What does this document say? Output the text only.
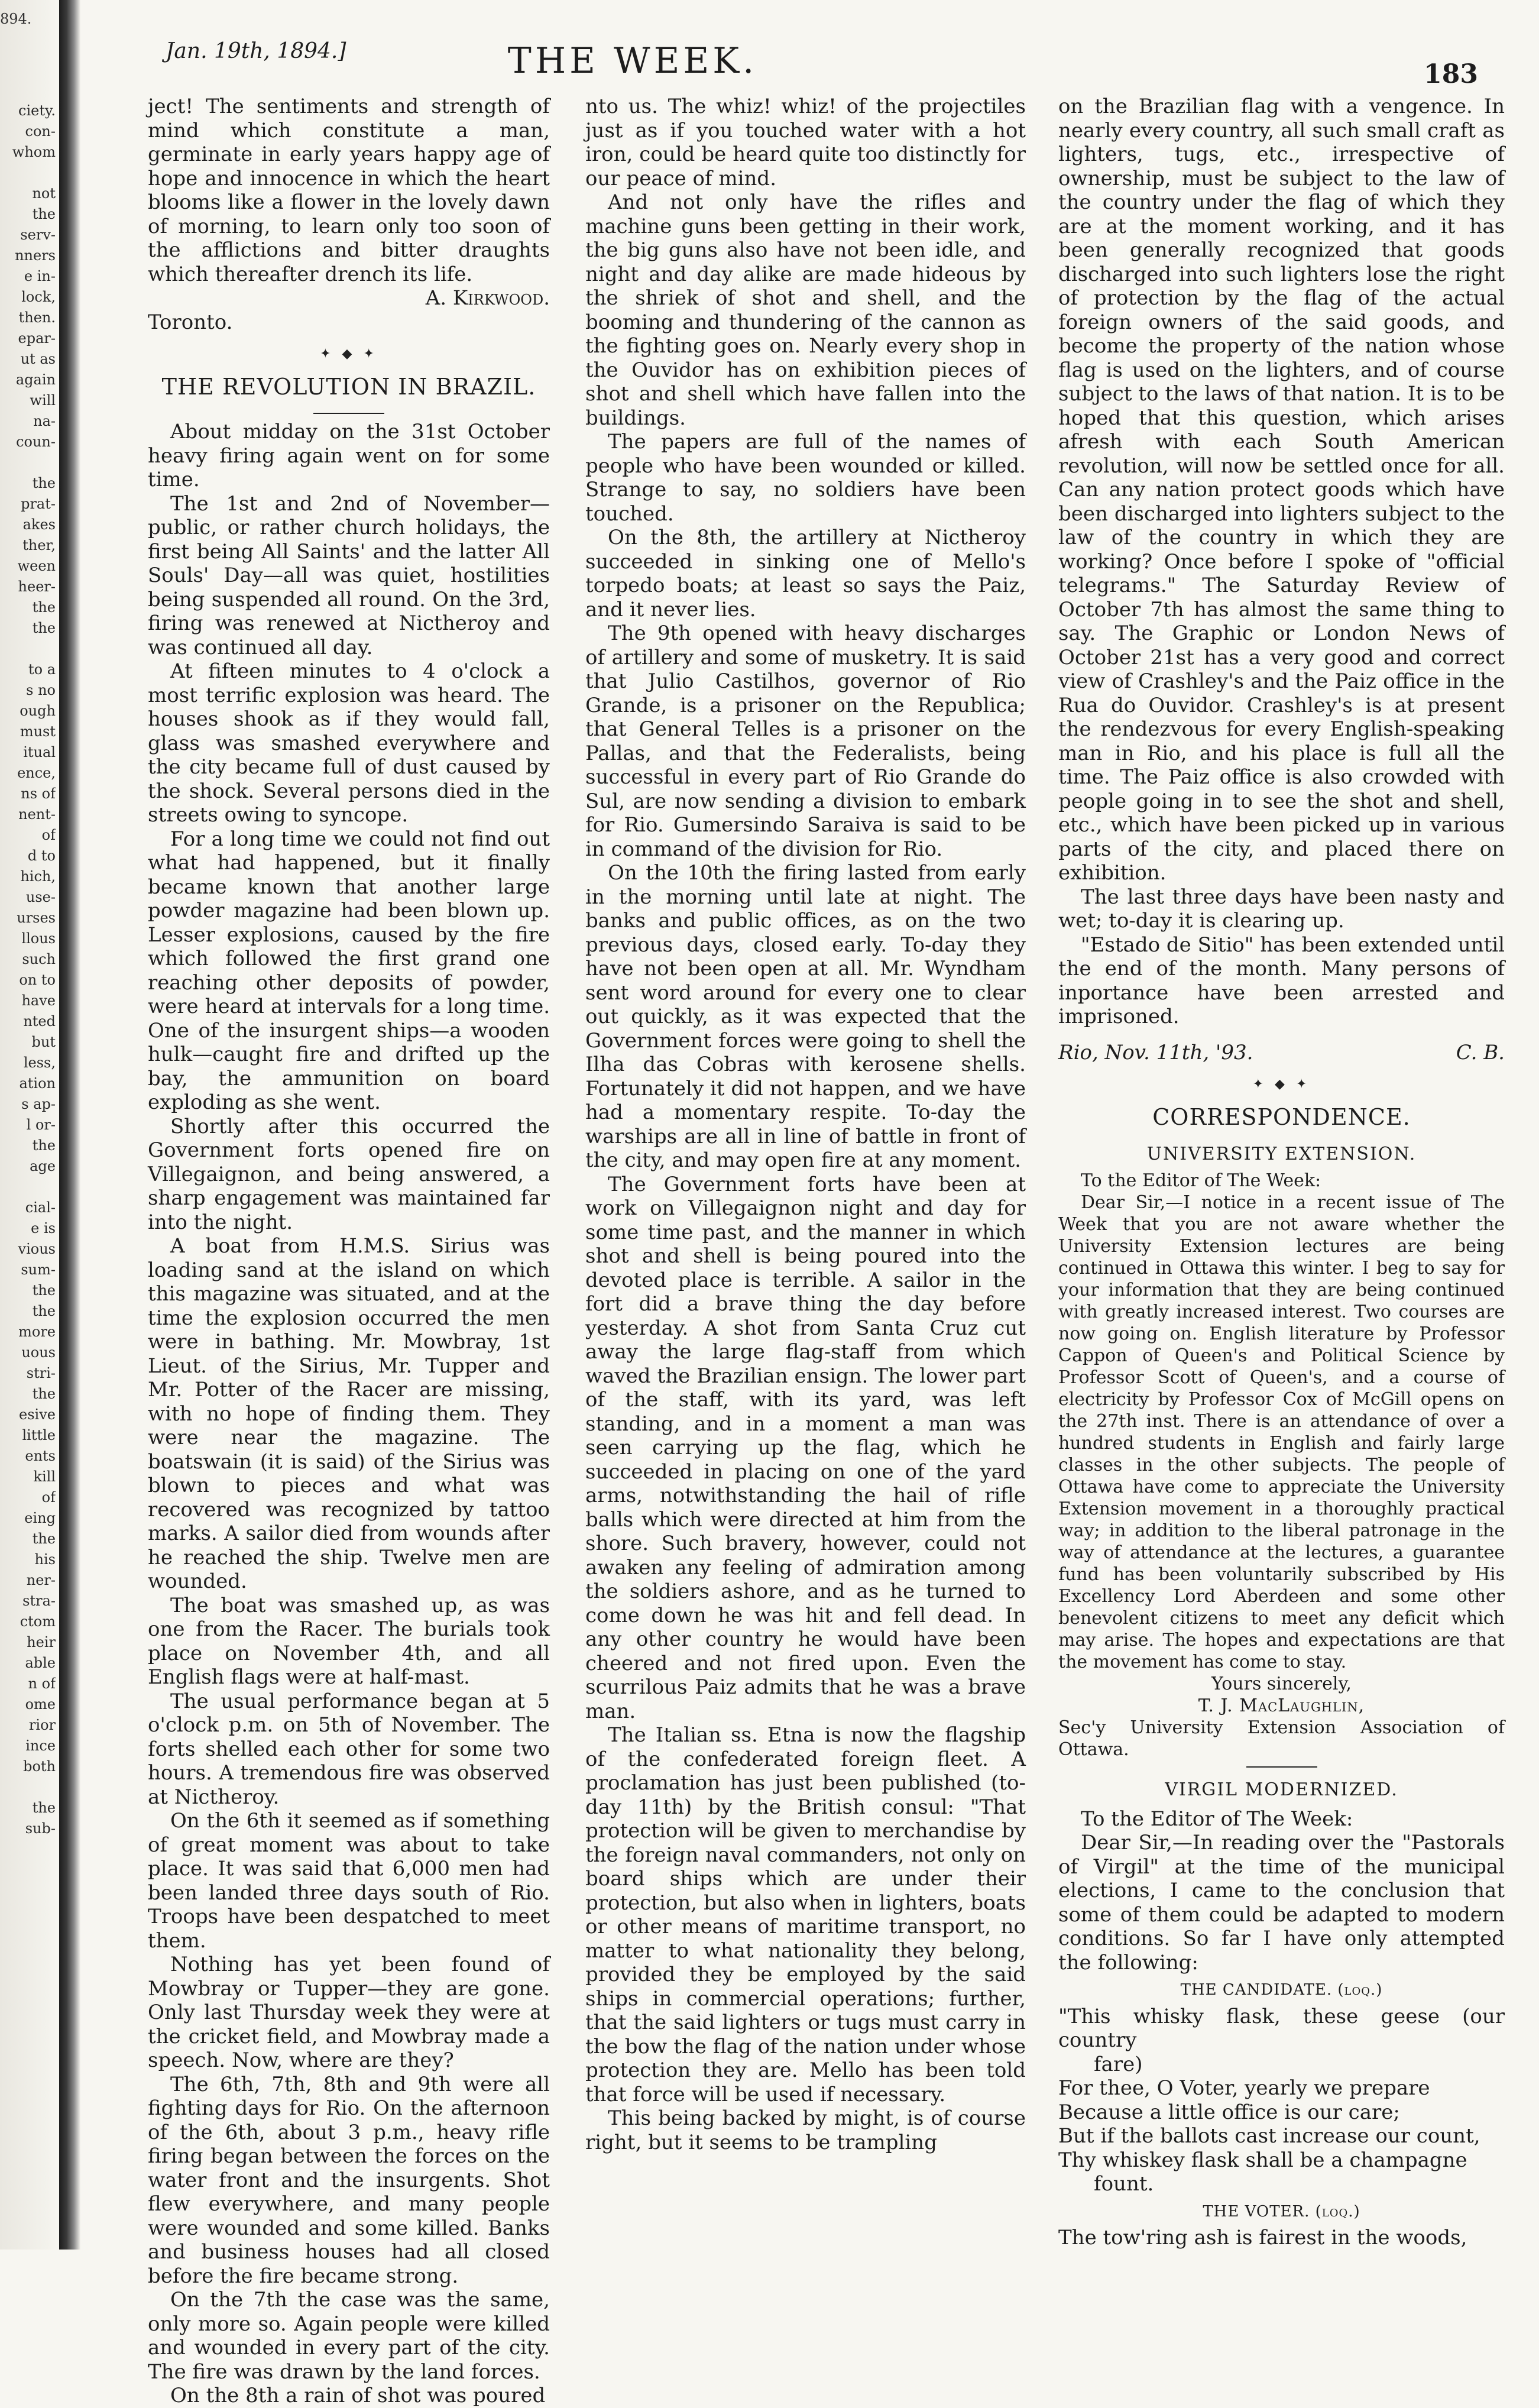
894.
ciety.
con-
whom
not
the
serv-
nners
e in-
lock,
then.
epar-
ut as
again
will
na-
coun-
the
prat-
akes
ther,
ween
heer-
the
the
to a
s no
ough
must
itual
ence,
ns of
nent-
of
d to
hich,
use-
urses
llous
such
on to
have
nted
but
less,
ation
s ap-
l or-
the
age
cial-
e is
vious
sum-
the
the
more
uous
stri-
the
esive
little
ents
kill
of
eing
the
his
ner-
stra-
ctom
heir
able
n of
ome
rior
ince
both
the
sub-
Jan. 19th, 1894.]	THE WEEK.	183

ject! The sentiments and strength of mind which constitute a man, germinate in early years happy age of hope and innocence in which the heart blooms like a flower in the lovely dawn of morning, to learn only too soon of the afflictions and bitter draughts which thereafter drench its life.

A. Kirkwood.

Toronto.

✦ ◆ ✦
THE REVOLUTION IN BRAZIL.

About midday on the 31st October heavy firing again went on for some time.

The 1st and 2nd of November—public, or rather church holidays, the first being All Saints' and the latter All Souls' Day—all was quiet, hostilities being suspended all round. On the 3rd, firing was renewed at Nictheroy and was continued all day.

At fifteen minutes to 4 o'clock a most terrific explosion was heard. The houses shook as if they would fall, glass was smashed everywhere and the city became full of dust caused by the shock. Several persons died in the streets owing to syncope.

For a long time we could not find out what had happened, but it finally became known that another large powder magazine had been blown up. Lesser explosions, caused by the fire which followed the first grand one reaching other deposits of powder, were heard at intervals for a long time. One of the insurgent ships—a wooden hulk—caught fire and drifted up the bay, the ammunition on board exploding as she went.

Shortly after this occurred the Government forts opened fire on Villegaignon, and being answered, a sharp engagement was maintained far into the night.

A boat from H.M.S. Sirius was loading sand at the island on which this magazine was situated, and at the time the explosion occurred the men were in bathing. Mr. Mowbray, 1st Lieut. of the Sirius, Mr. Tupper and Mr. Potter of the Racer are missing, with no hope of finding them. They were near the magazine. The boatswain (it is said) of the Sirius was blown to pieces and what was recovered was recognized by tattoo marks. A sailor died from wounds after he reached the ship. Twelve men are wounded.

The boat was smashed up, as was one from the Racer. The burials took place on November 4th, and all English flags were at half-mast.

The usual performance began at 5 o'clock p.m. on 5th of November. The forts shelled each other for some two hours. A tremendous fire was observed at Nictheroy.

On the 6th it seemed as if something of great moment was about to take place. It was said that 6,000 men had been landed three days south of Rio. Troops have been despatched to meet them.

Nothing has yet been found of Mowbray or Tupper—they are gone. Only last Thursday week they were at the cricket field, and Mowbray made a speech. Now, where are they?

The 6th, 7th, 8th and 9th were all fighting days for Rio. On the afternoon of the 6th, about 3 p.m., heavy rifle firing began between the forces on the water front and the insurgents. Shot flew everywhere, and many people were wounded and some killed. Banks and business houses had all closed before the fire became strong.

On the 7th the case was the same, only more so. Again people were killed and wounded in every part of the city. The fire was drawn by the land forces.

On the 8th a rain of shot was poured

nto us. The whiz! whiz! of the projectiles just as if you touched water with a hot iron, could be heard quite too distinctly for our peace of mind.

And not only have the rifles and machine guns been getting in their work, the big guns also have not been idle, and night and day alike are made hideous by the shriek of shot and shell, and the booming and thundering of the cannon as the fighting goes on. Nearly every shop in the Ouvidor has on exhibition pieces of shot and shell which have fallen into the buildings.

The papers are full of the names of people who have been wounded or killed. Strange to say, no soldiers have been touched.

On the 8th, the artillery at Nictheroy succeeded in sinking one of Mello's torpedo boats; at least so says the Paiz, and it never lies.

The 9th opened with heavy discharges of artillery and some of musketry. It is said that Julio Castilhos, governor of Rio Grande, is a prisoner on the Republica; that General Telles is a prisoner on the Pallas, and that the Federalists, being successful in every part of Rio Grande do Sul, are now sending a division to embark for Rio. Gumersindo Saraiva is said to be in command of the division for Rio.

On the 10th the firing lasted from early in the morning until late at night. The banks and public offices, as on the two previous days, closed early. To-day they have not been open at all. Mr. Wyndham sent word around for every one to clear out quickly, as it was expected that the Government forces were going to shell the Ilha das Cobras with kerosene shells. Fortunately it did not happen, and we have had a momentary respite. To-day the warships are all in line of battle in front of the city, and may open fire at any moment.

The Government forts have been at work on Villegaignon night and day for some time past, and the manner in which shot and shell is being poured into the devoted place is terrible. A sailor in the fort did a brave thing the day before yesterday. A shot from Santa Cruz cut away the large flag-staff from which waved the Brazilian ensign. The lower part of the staff, with its yard, was left standing, and in a moment a man was seen carrying up the flag, which he succeeded in placing on one of the yard arms, notwithstanding the hail of rifle balls which were directed at him from the shore. Such bravery, however, could not awaken any feeling of admiration among the soldiers ashore, and as he turned to come down he was hit and fell dead. In any other country he would have been cheered and not fired upon. Even the scurrilous Paiz admits that he was a brave man.

The Italian ss. Etna is now the flagship of the confederated foreign fleet. A proclamation has just been published (to-day 11th) by the British consul: "That protection will be given to merchandise by the foreign naval commanders, not only on board ships which are under their protection, but also when in lighters, boats or other means of maritime transport, no matter to what nationality they belong, provided they be employed by the said ships in commercial operations; further, that the said lighters or tugs must carry in the bow the flag of the nation under whose protection they are. Mello has been told that force will be used if necessary.

This being backed by might, is of course right, but it seems to be trampling

on the Brazilian flag with a vengence. In nearly every country, all such small craft as lighters, tugs, etc., irrespective of ownership, must be subject to the law of the country under the flag of which they are at the moment working, and it has been generally recognized that goods discharged into such lighters lose the right of protection by the flag of the actual foreign owners of the said goods, and become the property of the nation whose flag is used on the lighters, and of course subject to the laws of that nation. It is to be hoped that this question, which arises afresh with each South American revolution, will now be settled once for all. Can any nation protect goods which have been discharged into lighters subject to the law of the country in which they are working? Once before I spoke of "official telegrams." The Saturday Review of October 7th has almost the same thing to say. The Graphic or London News of October 21st has a very good and correct view of Crashley's and the Paiz office in the Rua do Ouvidor. Crashley's is at present the rendezvous for every English-speaking man in Rio, and his place is full all the time. The Paiz office is also crowded with people going in to see the shot and shell, etc., which have been picked up in various parts of the city, and placed there on exhibition.

The last three days have been nasty and wet; to-day it is clearing up.

"Estado de Sitio" has been extended until the end of the month. Many persons of inportance have been arrested and imprisoned.

Rio, Nov. 11th, '93.	C. B.
✦ ◆ ✦
CORRESPONDENCE.
UNIVERSITY EXTENSION.

To the Editor of The Week:

Dear Sir,—I notice in a recent issue of The Week that you are not aware whether the University Extension lectures are being continued in Ottawa this winter. I beg to say for your information that they are being continued with greatly increased interest. Two courses are now going on. English literature by Professor Cappon of Queen's and Political Science by Professor Scott of Queen's, and a course of electricity by Professor Cox of McGill opens on the 27th inst. There is an attendance of over a hundred students in English and fairly large classes in the other subjects. The people of Ottawa have come to appreciate the University Extension movement in a thoroughly practical way; in addition to the liberal patronage in the way of attendance at the lectures, a guarantee fund has been voluntarily subscribed by His Excellency Lord Aberdeen and some other benevolent citizens to meet any deficit which may arise. The hopes and expectations are that the movement has come to stay.

Yours sincerely,

T. J. MacLaughlin,

Sec'y University Extension Association of Ottawa.

VIRGIL MODERNIZED.

To the Editor of The Week:

Dear Sir,—In reading over the "Pastorals of Virgil" at the time of the municipal elections, I came to the conclusion that some of them could be adapted to modern conditions. So far I have only attempted the following:

THE CANDIDATE. (loq.)

"This whisky flask, these geese (our country

fare)

For thee, O Voter, yearly we prepare

Because a little office is our care;

But if the ballots cast increase our count,

Thy whiskey flask shall be a champagne

fount.

THE VOTER. (loq.)

The tow'ring ash is fairest in the woods,
